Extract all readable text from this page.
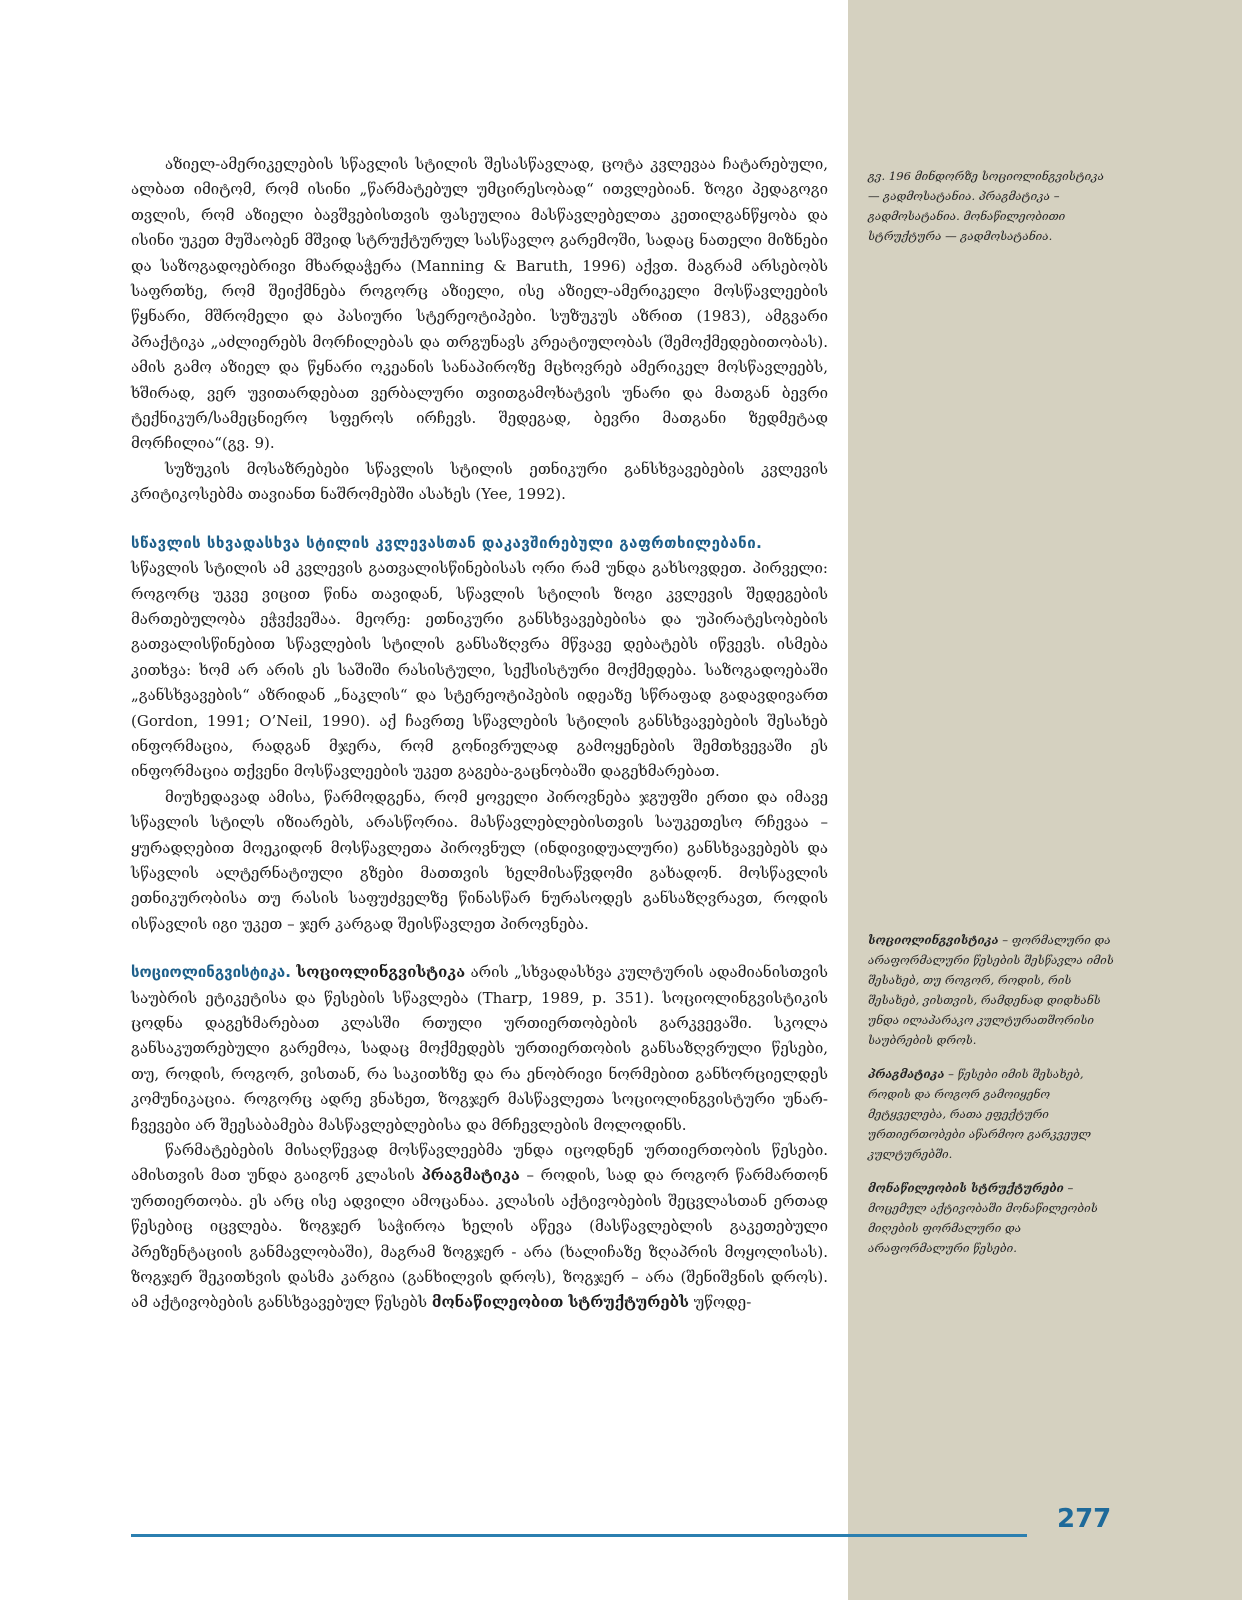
აზიელ-ამერიკელების სწავლის სტილის შესასწავლად, ცოტა კვლევაა ჩატარებული, ალბათ იმიტომ, რომ ისინი „წარმატებულ უმცირესობად“ ითვლებიან. ზოგი პედაგოგი თვლის, რომ აზიელი ბავშვებისთვის ფასეულია მასწავლებელთა კეთილგანწყობა და ისინი უკეთ მუშაობენ მშვიდ სტრუქტურულ სასწავლო გარემოში, სადაც ნათელი მიზნები და საზოგადოებრივი მხარდაჭერა (Manning & Baruth, 1996) აქვთ. მაგრამ არსებობს საფრთხე, რომ შეიქმნება როგორც აზიელი, ისე აზიელ-ამერიკელი მოსწავლეების წყნარი, მშრომელი და პასიური სტერეოტიპები. სუზუკუს აზრით (1983), ამგვარი პრაქტიკა „აძლიერებს მორჩილებას და თრგუნავს კრეატიულობას (შემოქმედებითობას). ამის გამო აზიელ და წყნარი ოკეანის სანაპიროზე მცხოვრებ ამერიკელ მოსწავლეებს, ხშირად, ვერ უვითარდებათ ვერბალური თვითგამოხატვის უნარი და მათგან ბევრი ტექნიკურ/სამეცნიერო სფეროს ირჩევს. შედეგად, ბევრი მათგანი ზედმეტად მორჩილია“(გვ. 9).

სუზუკის მოსაზრებები სწავლის სტილის ეთნიკური განსხვავებების კვლევის კრიტიკოსებმა თავიანთ ნაშრომებში ასახეს (Yee, 1992).

სწავლის სხვადასხვა სტილის კვლევასთან დაკავშირებული გაფრთხილებანი.
სწავლის სტილის ამ კვლევის გათვალისწინებისას ორი რამ უნდა გახსოვდეთ. პირველი: როგორც უკვე ვიცით წინა თავიდან, სწავლის სტილის ზოგი კვლევის შედეგების მართებულობა ეჭვქვეშაა. მეორე: ეთნიკური განსხვავებებისა და უპირატესობების გათვალისწინებით სწავლების სტილის განსაზღვრა მწვავე დებატებს იწვევს. ისმება კითხვა: ხომ არ არის ეს საშიში რასისტული, სექსისტური მოქმედება. საზოგადოებაში „განსხვავების“ აზრიდან „ნაკლის“ და სტერეოტიპების იდეაზე სწრაფად გადავდივართ (Gordon, 1991; O’Neil, 1990). აქ ჩავრთე სწავლების სტილის განსხვავებების შესახებ ინფორმაცია, რადგან მჯერა, რომ გონივრულად გამოყენების შემთხვევაში ეს ინფორმაცია თქვენი მოსწავლეების უკეთ გაგება-გაცნობაში დაგეხმარებათ.

მიუხედავად ამისა, წარმოდგენა, რომ ყოველი პიროვნება ჯგუფში ერთი და იმავე სწავლის სტილს იზიარებს, არასწორია. მასწავლებლებისთვის საუკეთესო რჩევაა – ყურადღებით მოეკიდონ მოსწავლეთა პიროვნულ (ინდივიდუალური) განსხვავებებს და სწავლის ალტერნატიული გზები მათთვის ხელმისაწვდომი გახადონ. მოსწავლის ეთნიკურობისა თუ რასის საფუძველზე წინასწარ ნურასოდეს განსაზღვრავთ, როდის ისწავლის იგი უკეთ – ჯერ კარგად შეისწავლეთ პიროვნება.

სოციოლინგვისტიკა. სოციოლინგვისტიკა არის „სხვადასხვა კულტურის ადამიანისთვის საუბრის ეტიკეტისა და წესების სწავლება (Tharp, 1989, p. 351). სოციოლინგვისტიკის ცოდნა დაგეხმარებათ კლასში რთული ურთიერთობების გარკვევაში. სკოლა განსაკუთრებული გარემოა, სადაც მოქმედებს ურთიერთობის განსაზღვრული წესები, თუ, როდის, როგორ, ვისთან, რა საკითხზე და რა ენობრივი ნორმებით განხორციელდეს კომუნიკაცია. როგორც ადრე ვნახეთ, ზოგჯერ მასწავლეთა სოციოლინგვისტური უნარ-ჩვევები არ შეესაბამება მასწავლებლებისა და მრჩევლების მოლოდინს.

წარმატებების მისაღწევად მოსწავლეებმა უნდა იცოდნენ ურთიერთობის წესები. ამისთვის მათ უნდა გაიგონ კლასის პრაგმატიკა – როდის, სად და როგორ წარმართონ ურთიერთობა. ეს არც ისე ადვილი ამოცანაა. კლასის აქტივობების შეცვლასთან ერთად წესებიც იცვლება. ზოგჯერ საჭიროა ხელის აწევა (მასწავლებლის გაკეთებული პრეზენტაციის განმავლობაში), მაგრამ ზოგჯერ - არა (ხალიჩაზე ზღაპრის მოყოლისას). ზოგჯერ შეკითხვის დასმა კარგია (განხილვის დროს), ზოგჯერ – არა (შენიშვნის დროს). ამ აქტივობების განსხვავებულ წესებს მონაწილეობით სტრუქტურებს უწოდე-

გვ. 196 მინდორზე სოციოლინგვისტიკა — გადმოსატანია. პრაგმატიკა – გადმოსატანია. მონაწილეობითი სტრუქტურა — გადმოსატანია.

სოციოლინგვისტიკა – ფორმალური და არაფორმალური წესების შესწავლა იმის შესახებ, თუ როგორ, როდის, რის შესახებ, ვისთვის, რამდენად დიდხანს უნდა ილაპარაკო კულტურათშორისი საუბრების დროს.
პრაგმატიკა – წესები იმის შესახებ, როდის და როგორ გამოიყენო მეტყველება, რათა ეფექტური ურთიერთობები აწარმოო გარკვეულ კულტურებში.
მონაწილეობის სტრუქტურები – მოცემულ აქტივობაში მონაწილეობის მიღების ფორმალური და არაფორმალური წესები.

277
